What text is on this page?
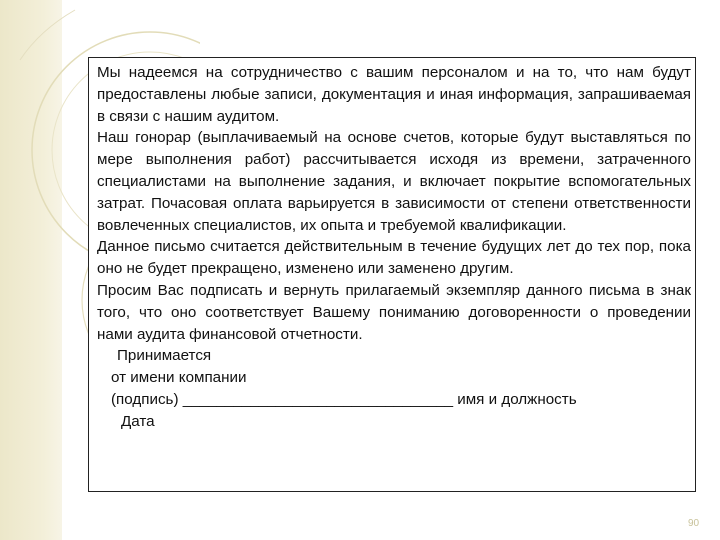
Мы надеемся на сотрудничество с вашим персоналом и на то, что нам будут предоставлены любые записи, документация и иная информация, запрашиваемая в связи с нашим аудитом.

Наш гонорар (выплачиваемый на основе счетов, которые будут выставляться по мере выполнения работ) рассчитывается исходя из времени, затраченного специалистами на выполнение задания, и включает покрытие вспомогательных затрат. Почасовая оплата варьируется в зависимости от степени ответственности вовлеченных специалистов, их опыта и требуемой квалификации.

Данное письмо считается действительным в течение будущих лет до тех пор, пока оно не будет прекращено, изменено или заменено другим.

Просим Вас подписать и вернуть прилагаемый экземпляр данного письма в знак того, что оно соответствует Вашему пониманию договоренности о проведении нами аудита финансовой отчетности.

Принимается

от имени компании

(подпись) ________________________________ имя и должность

Дата

90
